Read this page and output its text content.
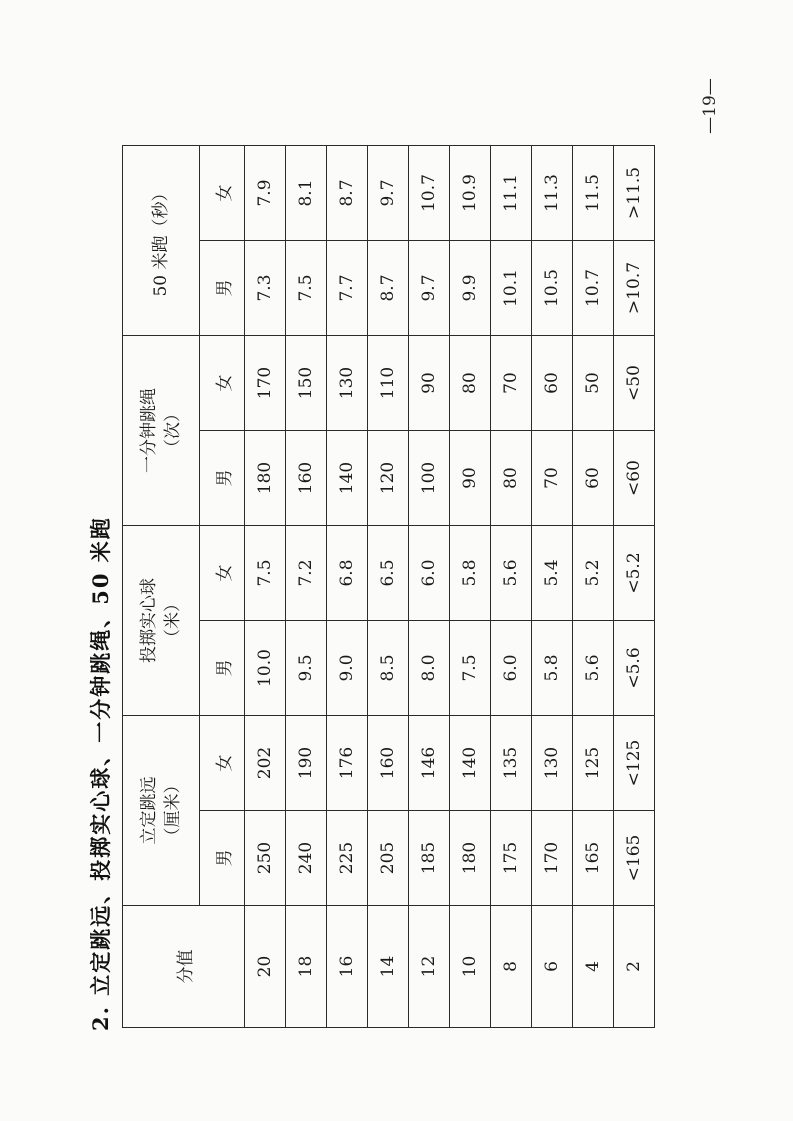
2. 立定跳远、投掷实心球、一分钟跳绳、50 米跑	分值	立定跳远 （厘米）		投掷实心球 （米）		一分钟跳绳 （次）		50 米跑（秒）	

	男	女	男	女	男	女	男	女
20	250	202	10.0	7.5	180	170	7.3	7.9
18	240	190	9.5	7.2	160	150	7.5	8.1
16	225	176	9.0	6.8	140	130	7.7	8.7
14	205	160	8.5	6.5	120	110	8.7	9.7
12	185	146	8.0	6.0	100	90	9.7	10.7
10	180	140	7.5	5.8	90	80	9.9	10.9
8	175	135	6.0	5.6	80	70	10.1	11.1
6	170	130	5.8	5.4	70	60	10.5	11.3
4	165	125	5.6	5.2	60	50	10.7	11.5
2	<165	<125	<5.6	<5.2	<60	<50	>10.7	>11.5
—19—
